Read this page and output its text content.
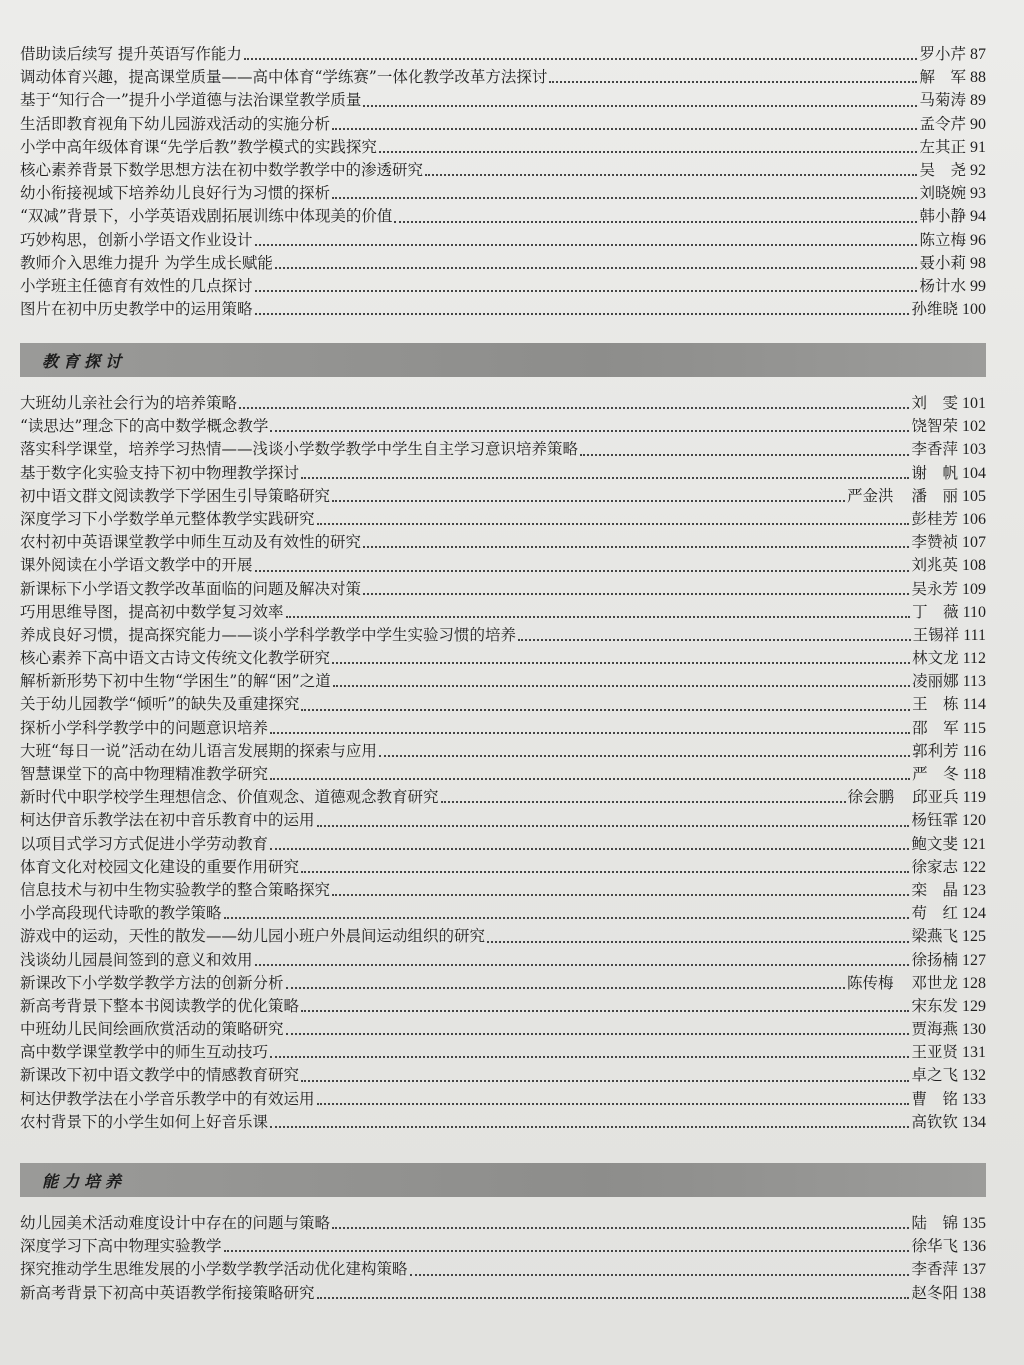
借助读后续写 提升英语写作能力	罗小芹 87
调动体育兴趣，提高课堂质量——高中体育“学练赛”一体化教学改革方法探讨	解　军 88
基于“知行合一”提升小学道德与法治课堂教学质量	马菊涛 89
生活即教育视角下幼儿园游戏活动的实施分析	孟令芹 90
小学中高年级体育课“先学后教”教学模式的实践探究	左其正 91
核心素养背景下数学思想方法在初中数学教学中的渗透研究	吴　尧 92
幼小衔接视域下培养幼儿良好行为习惯的探析	刘晓婉 93
“双减”背景下，小学英语戏剧拓展训练中体现美的价值	韩小静 94
巧妙构思，创新小学语文作业设计	陈立梅 96
教师介入思维力提升 为学生成长赋能	聂小莉 98
小学班主任德育有效性的几点探讨	杨计水 99
图片在初中历史教学中的运用策略	孙维晓 100
教育探讨
大班幼儿亲社会行为的培养策略	刘　雯 101
“读思达”理念下的高中数学概念教学	饶智荣 102
落实科学课堂，培养学习热情——浅谈小学数学教学中学生自主学习意识培养策略	李香萍 103
基于数字化实验支持下初中物理教学探讨	谢　帆 104
初中语文群文阅读教学下学困生引导策略研究	严金洪 潘　丽 105
深度学习下小学数学单元整体教学实践研究	彭桂芳 106
农村初中英语课堂教学中师生互动及有效性的研究	李赞祯 107
课外阅读在小学语文教学中的开展	刘兆英 108
新课标下小学语文教学改革面临的问题及解决对策	吴永芳 109
巧用思维导图，提高初中数学复习效率	丁　薇 110
养成良好习惯，提高探究能力——谈小学科学教学中学生实验习惯的培养	王锡祥 111
核心素养下高中语文古诗文传统文化教学研究	林文龙 112
解析新形势下初中生物“学困生”的解“困”之道	凌丽娜 113
关于幼儿园教学“倾听”的缺失及重建探究	王　栋 114
探析小学科学教学中的问题意识培养	邵　军 115
大班“每日一说”活动在幼儿语言发展期的探索与应用	郭利芳 116
智慧课堂下的高中物理精准教学研究	严　冬 118
新时代中职学校学生理想信念、价值观念、道德观念教育研究	徐会鹏 邱亚兵 119
柯达伊音乐教学法在初中音乐教育中的运用	杨钰霏 120
以项目式学习方式促进小学劳动教育	鲍文斐 121
体育文化对校园文化建设的重要作用研究	徐家志 122
信息技术与初中生物实验教学的整合策略探究	栾　晶 123
小学高段现代诗歌的教学策略	苟　红 124
游戏中的运动，天性的散发——幼儿园小班户外晨间运动组织的研究	梁燕飞 125
浅谈幼儿园晨间签到的意义和效用	徐扬楠 127
新课改下小学数学教学方法的创新分析	陈传梅 邓世龙 128
新高考背景下整本书阅读教学的优化策略	宋东发 129
中班幼儿民间绘画欣赏活动的策略研究	贾海燕 130
高中数学课堂教学中的师生互动技巧	王亚贤 131
新课改下初中语文教学中的情感教育研究	卓之飞 132
柯达伊教学法在小学音乐教学中的有效运用	曹　铭 133
农村背景下的小学生如何上好音乐课	高钦钦 134
能力培养
幼儿园美术活动难度设计中存在的问题与策略	陆　锦 135
深度学习下高中物理实验教学	徐华飞 136
探究推动学生思维发展的小学数学教学活动优化建构策略	李香萍 137
新高考背景下初高中英语教学衔接策略研究	赵冬阳 138
